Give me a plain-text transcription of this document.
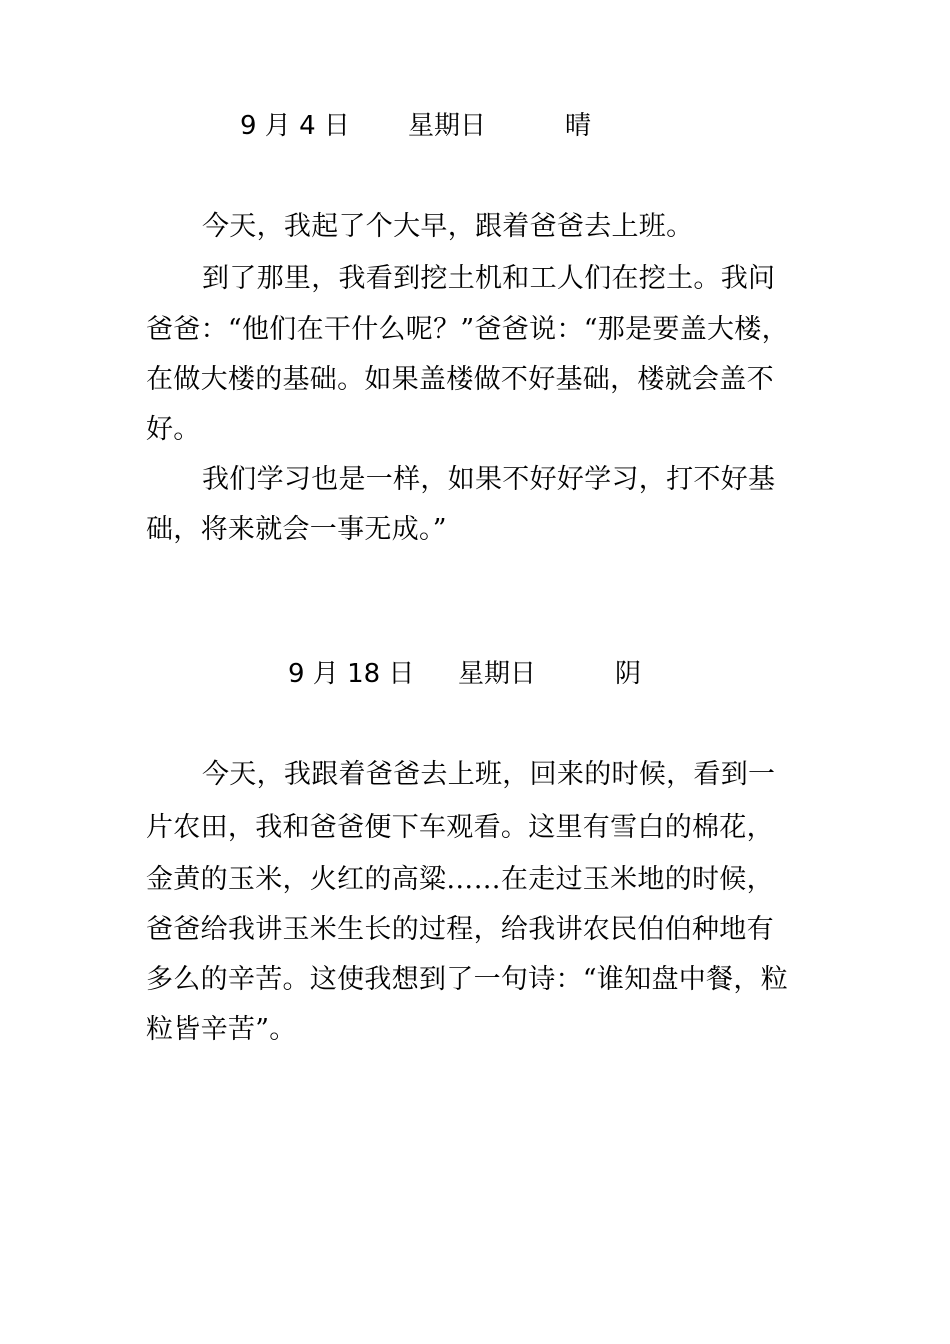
9 月 4 日 星期日	晴
今天，我起了个大早，跟着爸爸去上班。
到了那里，我看到挖土机和工人们在挖土。我问
爸爸：“他们在干什么呢？”爸爸说：“那是要盖大楼，
在做大楼的基础。如果盖楼做不好基础，楼就会盖不
好。
我们学习也是一样，如果不好好学习，打不好基
础，将来就会一事无成。”
9 月 18 日 星期日	阴
今天，我跟着爸爸去上班，回来的时候，看到一
片农田，我和爸爸便下车观看。这里有雪白的棉花，
金黄的玉米，火红的高粱……在走过玉米地的时候，
爸爸给我讲玉米生长的过程，给我讲农民伯伯种地有
多么的辛苦。这使我想到了一句诗：“谁知盘中餐，粒
粒皆辛苦”。
